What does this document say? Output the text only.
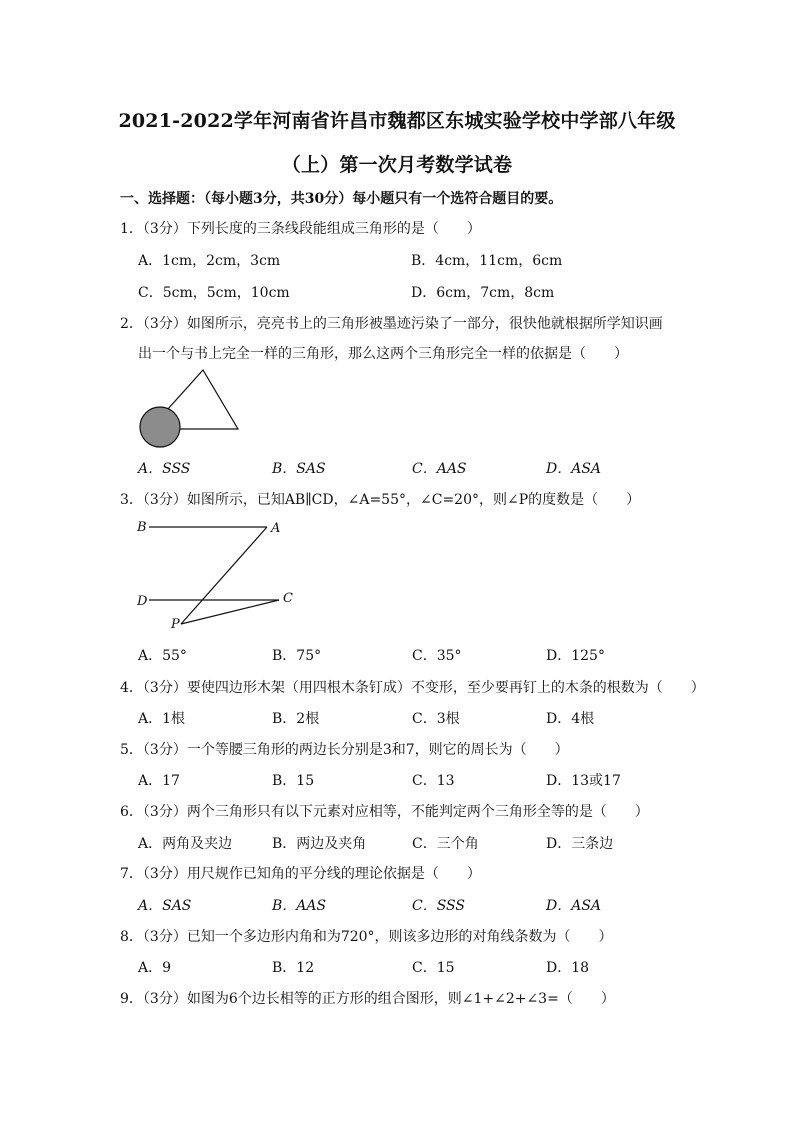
2021-2022学年河南省许昌市魏都区东城实验学校中学部八年级
（上）第一次月考数学试卷
一、选择题：（每小题3分，共30分）每小题只有一个选符合题目的要。
1．（3分）下列长度的三条线段能组成三角形的是（　　）
A．1cm，2cm，3cm	B．4cm，11cm，6cm
C．5cm，5cm，10cm	D．6cm，7cm，8cm
2．（3分）如图所示，亮亮书上的三角形被墨迹污染了一部分，很快他就根据所学知识画
出一个与书上完全一样的三角形，那么这两个三角形完全一样的依据是（　　）
A．SSS	B．SAS	C．AAS	D．ASA
3．（3分）如图所示，已知AB∥CD，∠A=55°，∠C=20°，则∠P的度数是（　　）
B	A
D	C
P
A．55°	B．75°	C．35°	D．125°
4．（3分）要使四边形木架（用四根木条钉成）不变形，至少要再钉上的木条的根数为（　　）
A．1根	B．2根	C．3根	D．4根
5．（3分）一个等腰三角形的两边长分别是3和7，则它的周长为（　　）
A．17	B．15	C．13	D．13或17
6．（3分）两个三角形只有以下元素对应相等，不能判定两个三角形全等的是（　　）
A．两角及夹边	B．两边及夹角	C．三个角	D．三条边
7．（3分）用尺规作已知角的平分线的理论依据是（　　）
A．SAS	B．AAS	C．SSS	D．ASA
8．（3分）已知一个多边形内角和为720°，则该多边形的对角线条数为（　　）
A．9	B．12	C．15	D．18
9．（3分）如图为6个边长相等的正方形的组合图形，则∠1+∠2+∠3=（　　）
